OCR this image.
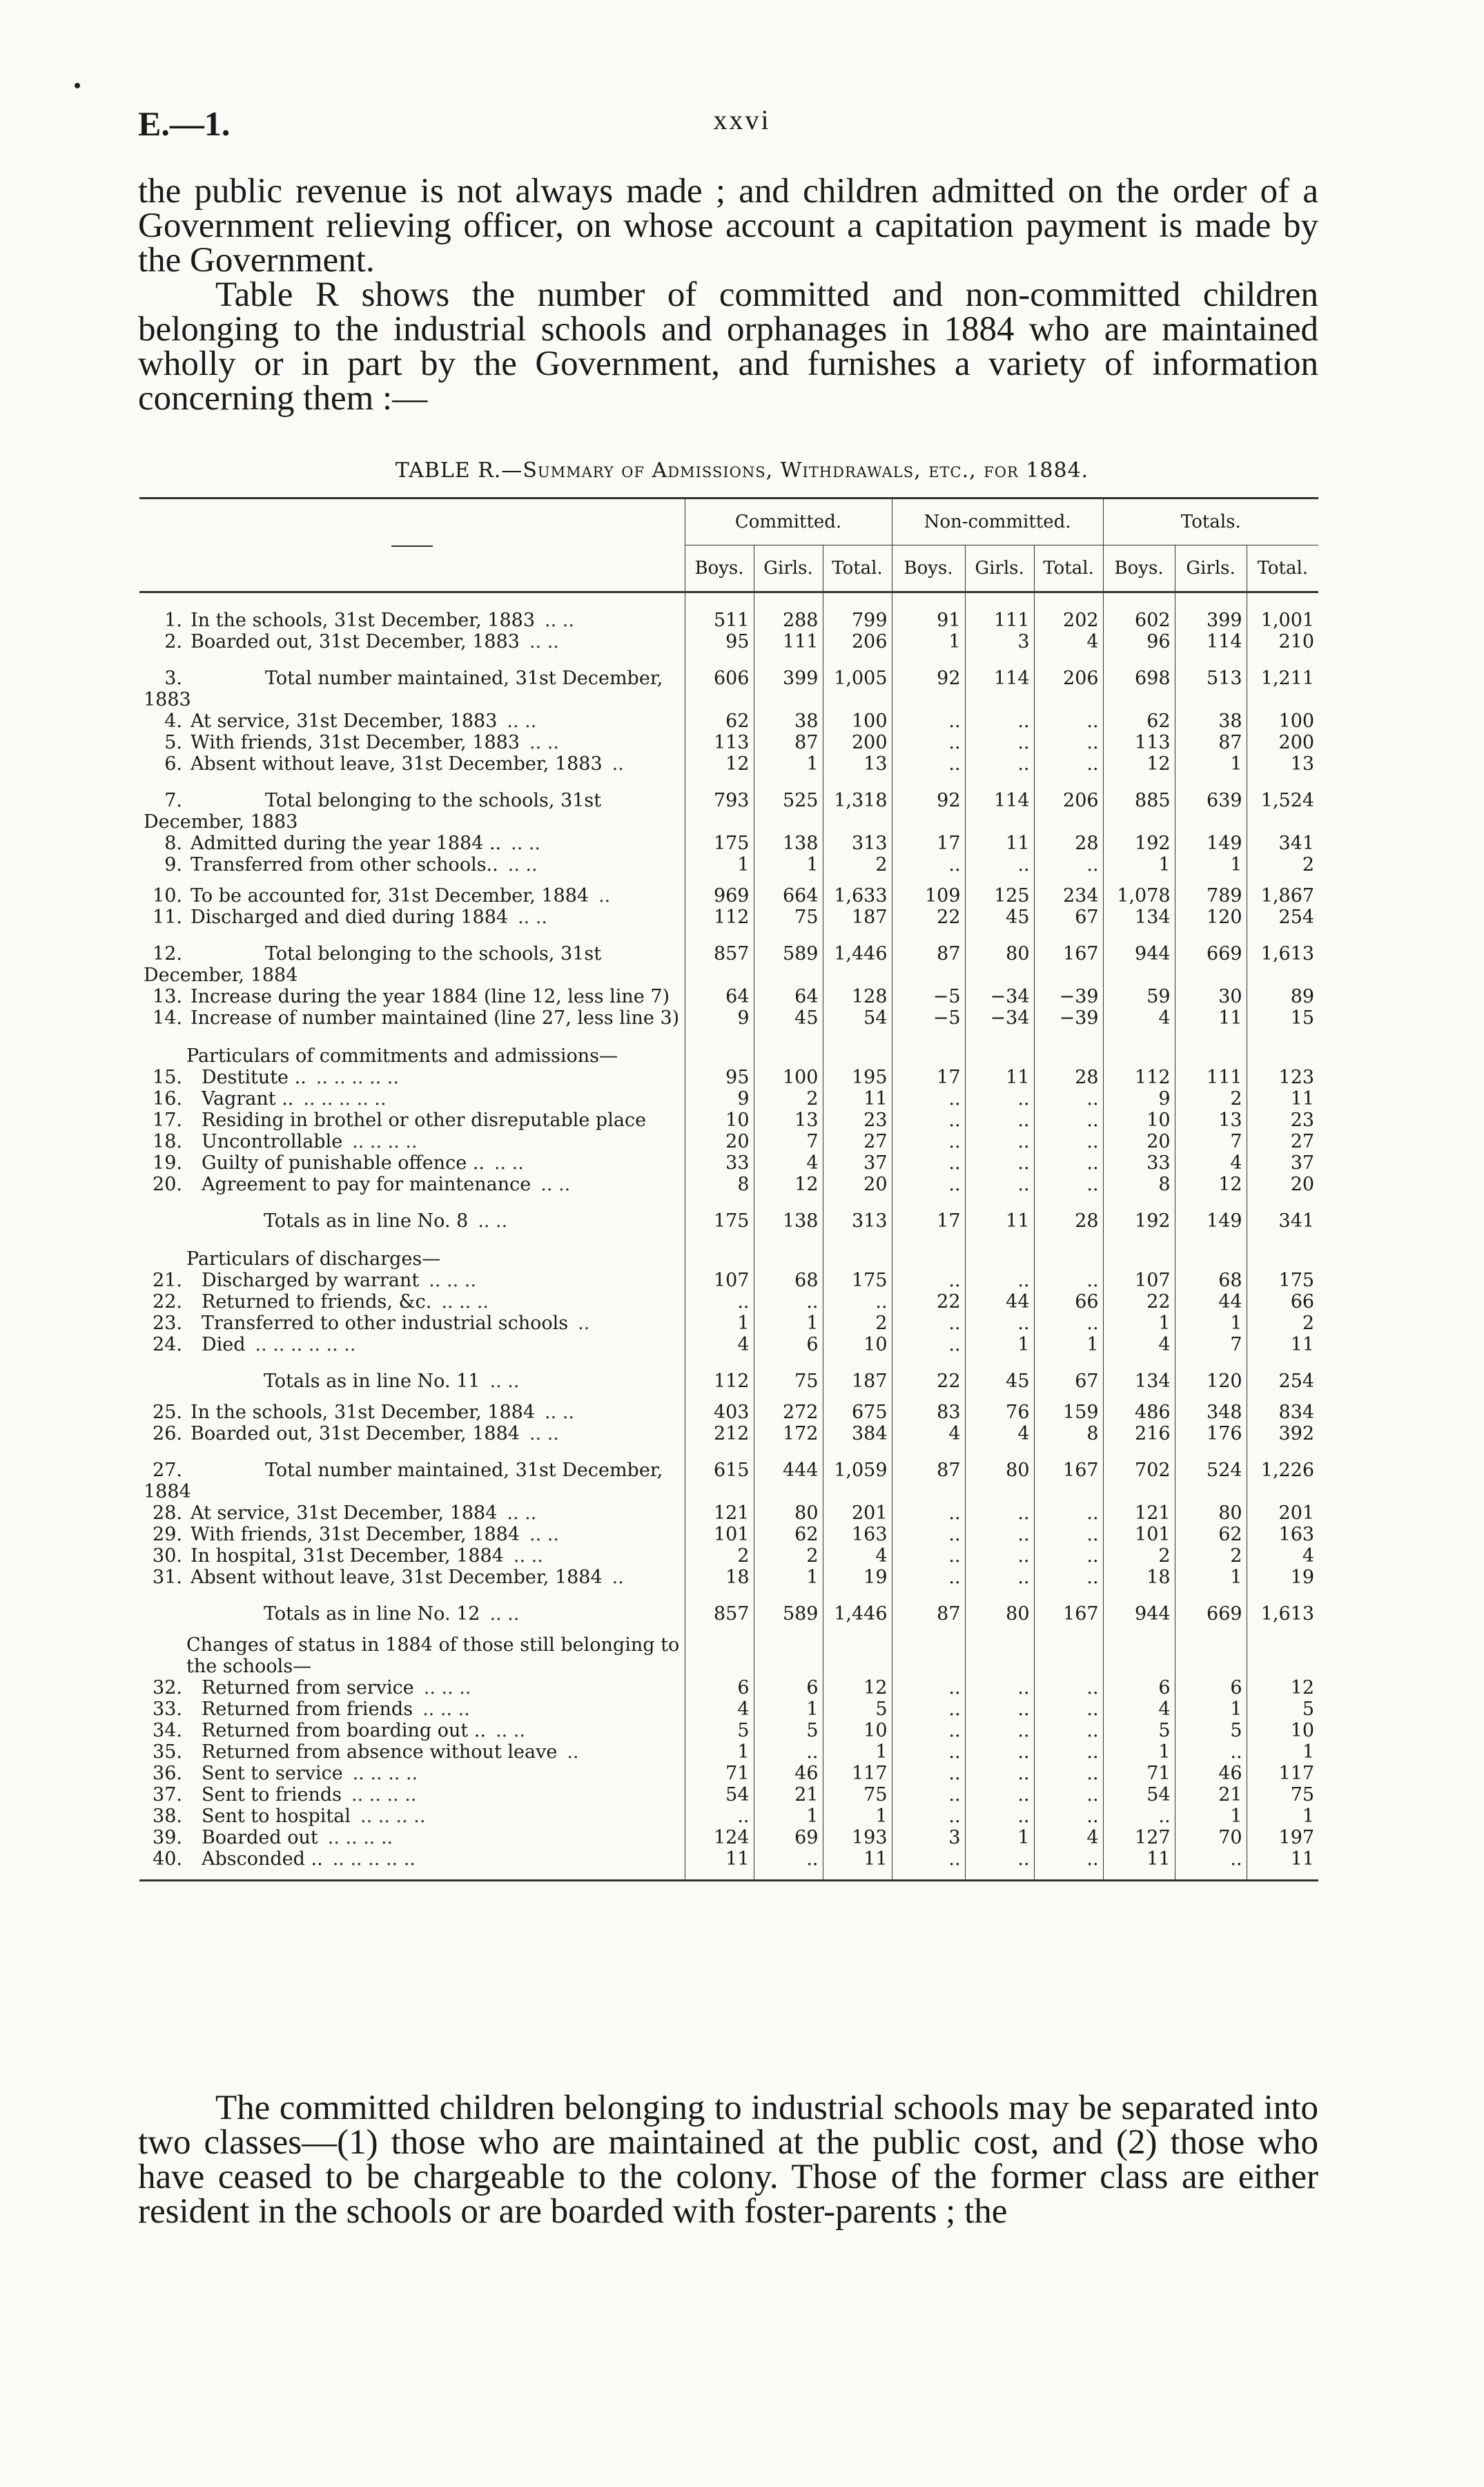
E.—1.	xxvi
the public revenue is not always made ; and children admitted on the order of a Government relieving officer, on whose account a capitation payment is made by the Government.
Table R shows the number of committed and non-committed children belonging to the industrial schools and orphanages in 1884 who are maintained wholly or in part by the Government, and furnishes a variety of information concerning them :—
TABLE R.—Summary of Admissions, Withdrawals, etc., for 1884.
	Committed.			Non-committed.			Totals.		
	Boys.	Girls.	Total.	Boys.	Girls.	Total.	Boys.	Girls.	Total.

1. In the schools, 31st December, 1883 .. ..	511	288	799	91	111	202	602	399	1,001
2. Boarded out, 31st December, 1883 .. ..	95	111	206	1	3	4	96	114	210

3. Total number maintained, 31st December, 1883	606	399	1,005	92	114	206	698	513	1,211
4. At service, 31st December, 1883 .. ..	62	38	100	..	..	..	62	38	100
5. With friends, 31st December, 1883 .. ..	113	87	200	..	..	..	113	87	200
6. Absent without leave, 31st December, 1883 ..	12	1	13	..	..	..	12	1	13

7. Total belonging to the schools, 31st December, 1883	793	525	1,318	92	114	206	885	639	1,524
8. Admitted during the year 1884 .. .. ..	175	138	313	17	11	28	192	149	341
9. Transferred from other schools.. .. ..	1	1	2	..	..	..	1	1	2

10. To be accounted for, 31st December, 1884 ..	969	664	1,633	109	125	234	1,078	789	1,867
11. Discharged and died during 1884 .. ..	112	75	187	22	45	67	134	120	254

12. Total belonging to the schools, 31st December, 1884	857	589	1,446	87	80	167	944	669	1,613
13. Increase during the year 1884 (line 12, less line 7)	64	64	128	−5	−34	−39	59	30	89
14. Increase of number maintained (line 27, less line 3)	9	45	54	−5	−34	−39	4	11	15

Particulars of commitments and admissions—									
15. Destitute .. .. .. .. .. ..	95	100	195	17	11	28	112	111	123
16. Vagrant .. .. .. .. .. ..	9	2	11	..	..	..	9	2	11
17. Residing in brothel or other disreputable place	10	13	23	..	..	..	10	13	23
18. Uncontrollable .. .. .. ..	20	7	27	..	..	..	20	7	27
19. Guilty of punishable offence .. .. ..	33	4	37	..	..	..	33	4	37
20. Agreement to pay for maintenance .. ..	8	12	20	..	..	..	8	12	20

Totals as in line No. 8 .. ..	175	138	313	17	11	28	192	149	341

Particulars of discharges—									
21. Discharged by warrant .. .. ..	107	68	175	..	..	..	107	68	175
22. Returned to friends, &c. .. .. ..	..	..	..	22	44	66	22	44	66
23. Transferred to other industrial schools ..	1	1	2	..	..	..	1	1	2
24. Died .. .. .. .. .. ..	4	6	10	..	1	1	4	7	11

Totals as in line No. 11 .. ..	112	75	187	22	45	67	134	120	254

25. In the schools, 31st December, 1884 .. ..	403	272	675	83	76	159	486	348	834
26. Boarded out, 31st December, 1884 .. ..	212	172	384	4	4	8	216	176	392

27. Total number maintained, 31st December, 1884	615	444	1,059	87	80	167	702	524	1,226
28. At service, 31st December, 1884 .. ..	121	80	201	..	..	..	121	80	201
29. With friends, 31st December, 1884 .. ..	101	62	163	..	..	..	101	62	163
30. In hospital, 31st December, 1884 .. ..	2	2	4	..	..	..	2	2	4
31. Absent without leave, 31st December, 1884 ..	18	1	19	..	..	..	18	1	19

Totals as in line No. 12 .. ..	857	589	1,446	87	80	167	944	669	1,613

Changes of status in 1884 of those still belonging to the schools—									
32. Returned from service .. .. ..	6	6	12	..	..	..	6	6	12
33. Returned from friends .. .. ..	4	1	5	..	..	..	4	1	5
34. Returned from boarding out .. .. ..	5	5	10	..	..	..	5	5	10
35. Returned from absence without leave ..	1	..	1	..	..	..	1	..	1
36. Sent to service .. .. .. ..	71	46	117	..	..	..	71	46	117
37. Sent to friends .. .. .. ..	54	21	75	..	..	..	54	21	75
38. Sent to hospital .. .. .. ..	..	1	1	..	..	..	..	1	1
39. Boarded out .. .. .. ..	124	69	193	3	1	4	127	70	197
40. Absconded .. .. .. .. .. ..	11	..	11	..	..	..	11	..	11

The committed children belonging to industrial schools may be separated into two classes—(1) those who are maintained at the public cost, and (2) those who have ceased to be chargeable to the colony. Those of the former class are either resident in the schools or are boarded with foster-parents ; the
